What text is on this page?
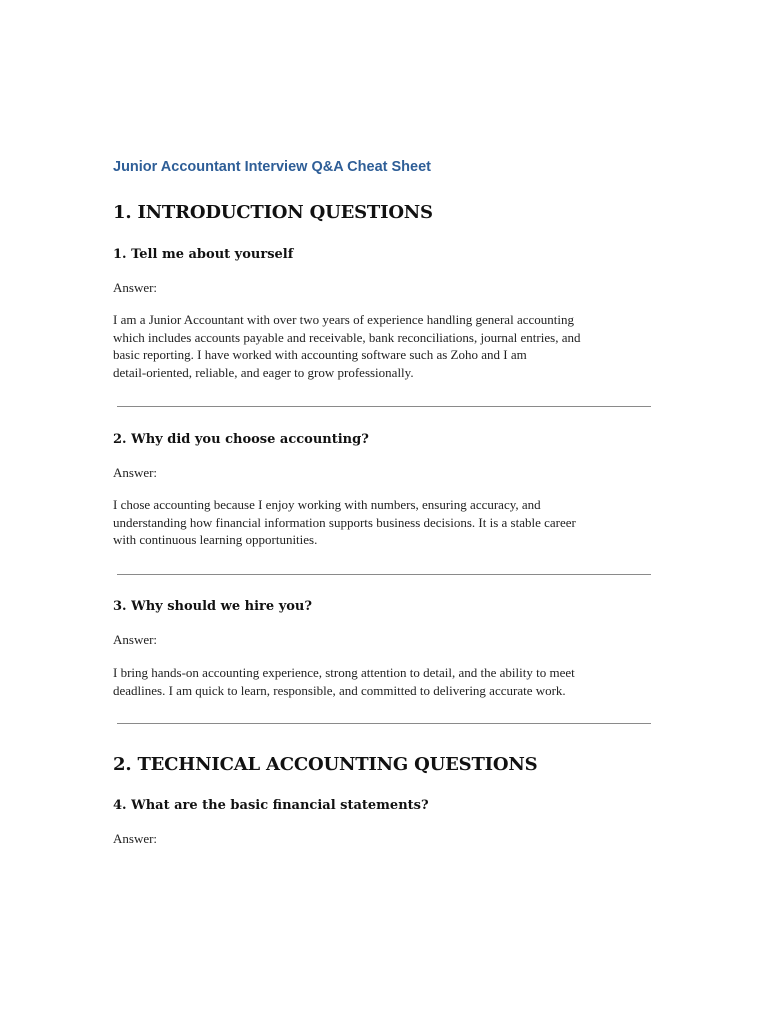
Junior Accountant Interview Q&A Cheat Sheet
1. INTRODUCTION QUESTIONS
1. Tell me about yourself
Answer:
I am a Junior Accountant with over two years of experience handling general accounting
which includes accounts payable and receivable, bank reconciliations, journal entries, and
basic reporting. I have worked with accounting software such as Zoho and I am
detail-oriented, reliable, and eager to grow professionally.
2. Why did you choose accounting?
Answer:
I chose accounting because I enjoy working with numbers, ensuring accuracy, and
understanding how financial information supports business decisions. It is a stable career
with continuous learning opportunities.
3. Why should we hire you?
Answer:
I bring hands-on accounting experience, strong attention to detail, and the ability to meet
deadlines. I am quick to learn, responsible, and committed to delivering accurate work.
2. TECHNICAL ACCOUNTING QUESTIONS
4. What are the basic financial statements?
Answer:
